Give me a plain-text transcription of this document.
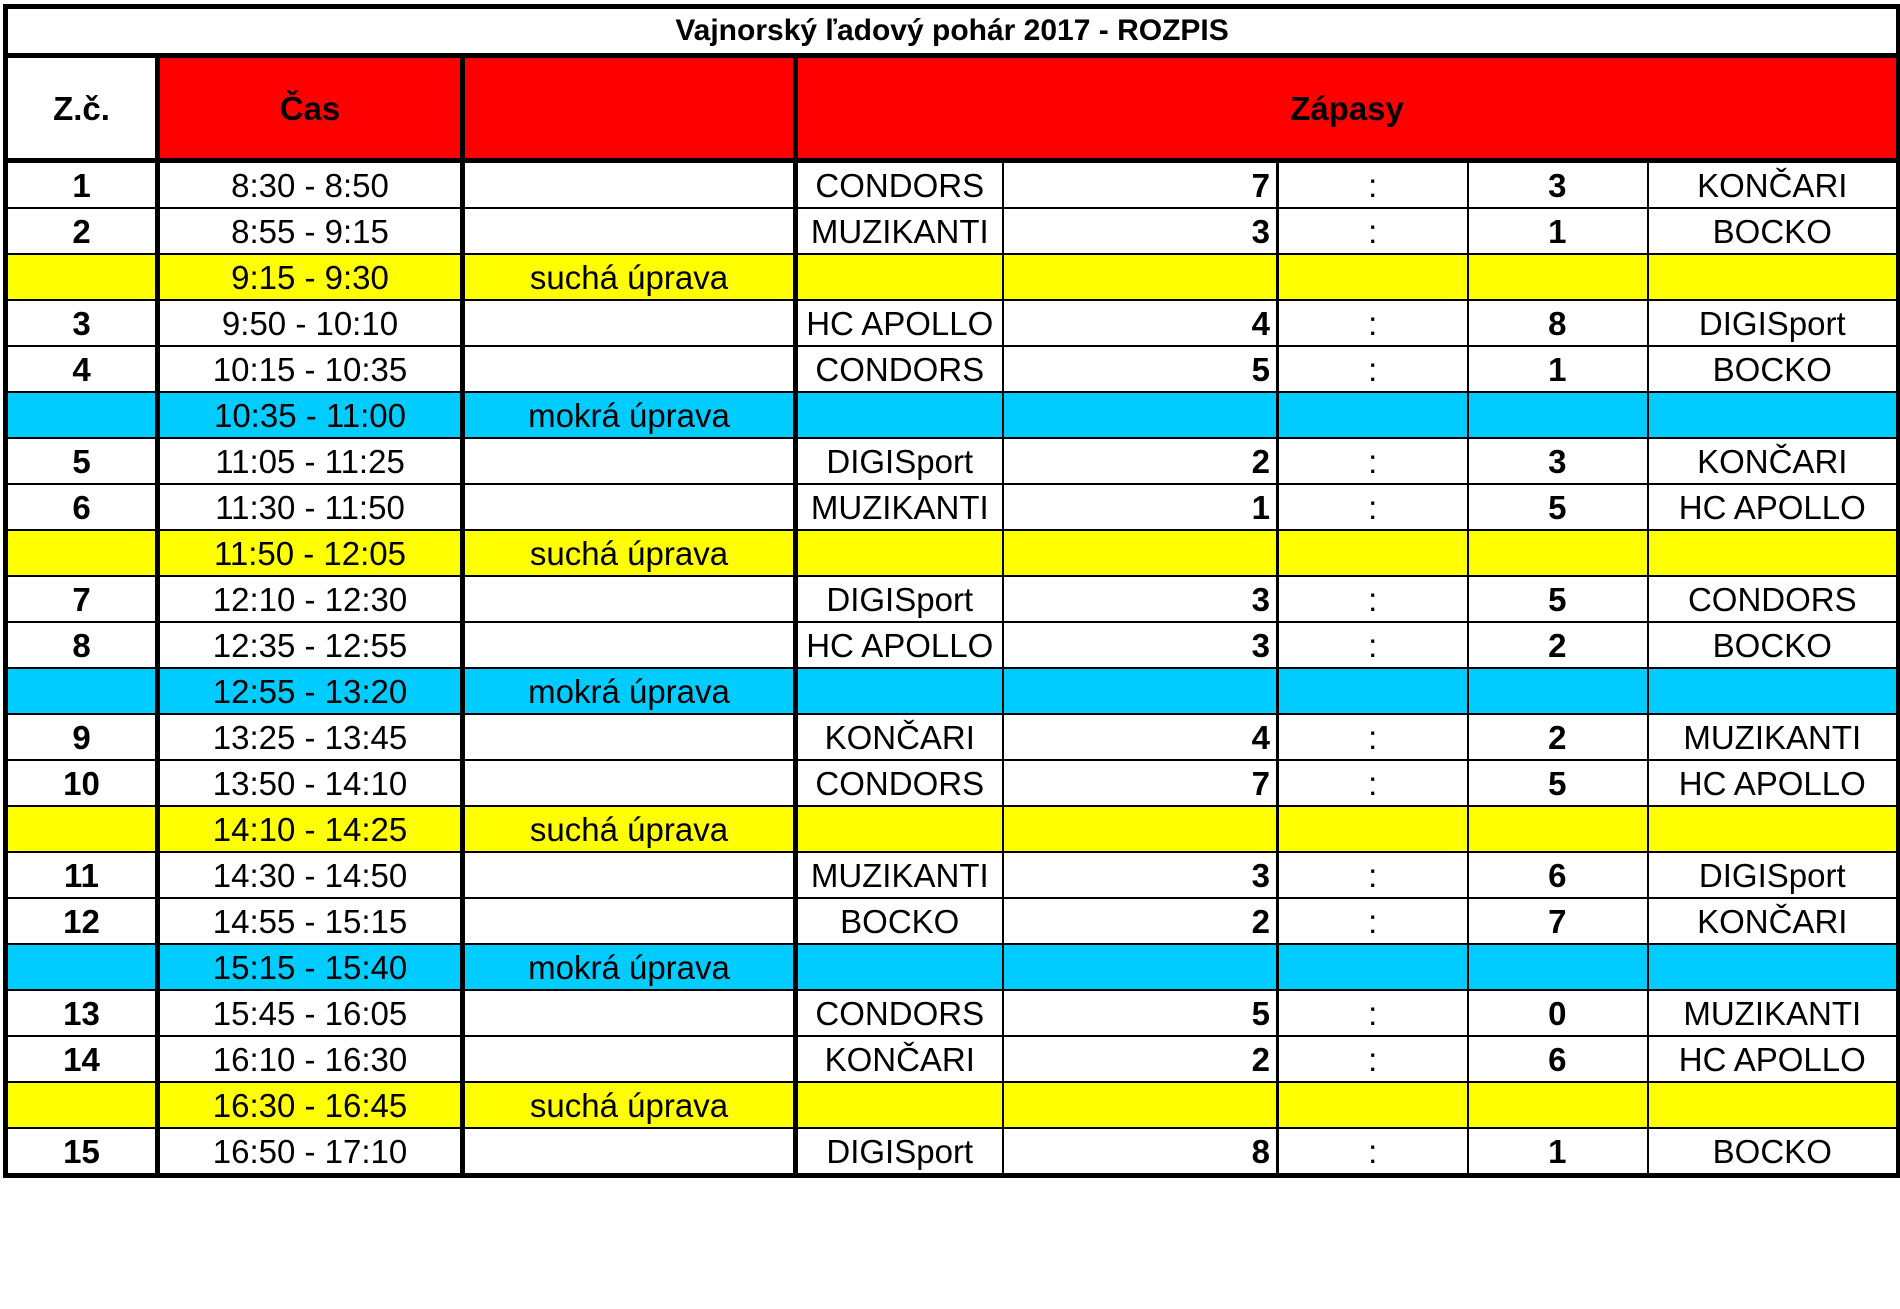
Vajnorský ľadový pohár 2017 - ROZPIS							
Z.č.	Čas		Zápasy				
1	8:30 - 8:50		CONDORS	7	:	3	KONČARI
2	8:55 - 9:15		MUZIKANTI	3	:	1	BOCKO
	9:15 - 9:30	suchá úprava					
3	9:50 - 10:10		HC APOLLO	4	:	8	DIGISport
4	10:15 - 10:35		CONDORS	5	:	1	BOCKO
	10:35 - 11:00	mokrá úprava					
5	11:05 - 11:25		DIGISport	2	:	3	KONČARI
6	11:30 - 11:50		MUZIKANTI	1	:	5	HC APOLLO
	11:50 - 12:05	suchá úprava					
7	12:10 - 12:30		DIGISport	3	:	5	CONDORS
8	12:35 - 12:55		HC APOLLO	3	:	2	BOCKO
	12:55 - 13:20	mokrá úprava					
9	13:25 - 13:45		KONČARI	4	:	2	MUZIKANTI
10	13:50 - 14:10		CONDORS	7	:	5	HC APOLLO
	14:10 - 14:25	suchá úprava					
11	14:30 - 14:50		MUZIKANTI	3	:	6	DIGISport
12	14:55 - 15:15		BOCKO	2	:	7	KONČARI
	15:15 - 15:40	mokrá úprava					
13	15:45 - 16:05		CONDORS	5	:	0	MUZIKANTI
14	16:10 - 16:30		KONČARI	2	:	6	HC APOLLO
	16:30 - 16:45	suchá úprava					
15	16:50 - 17:10		DIGISport	8	:	1	BOCKO
